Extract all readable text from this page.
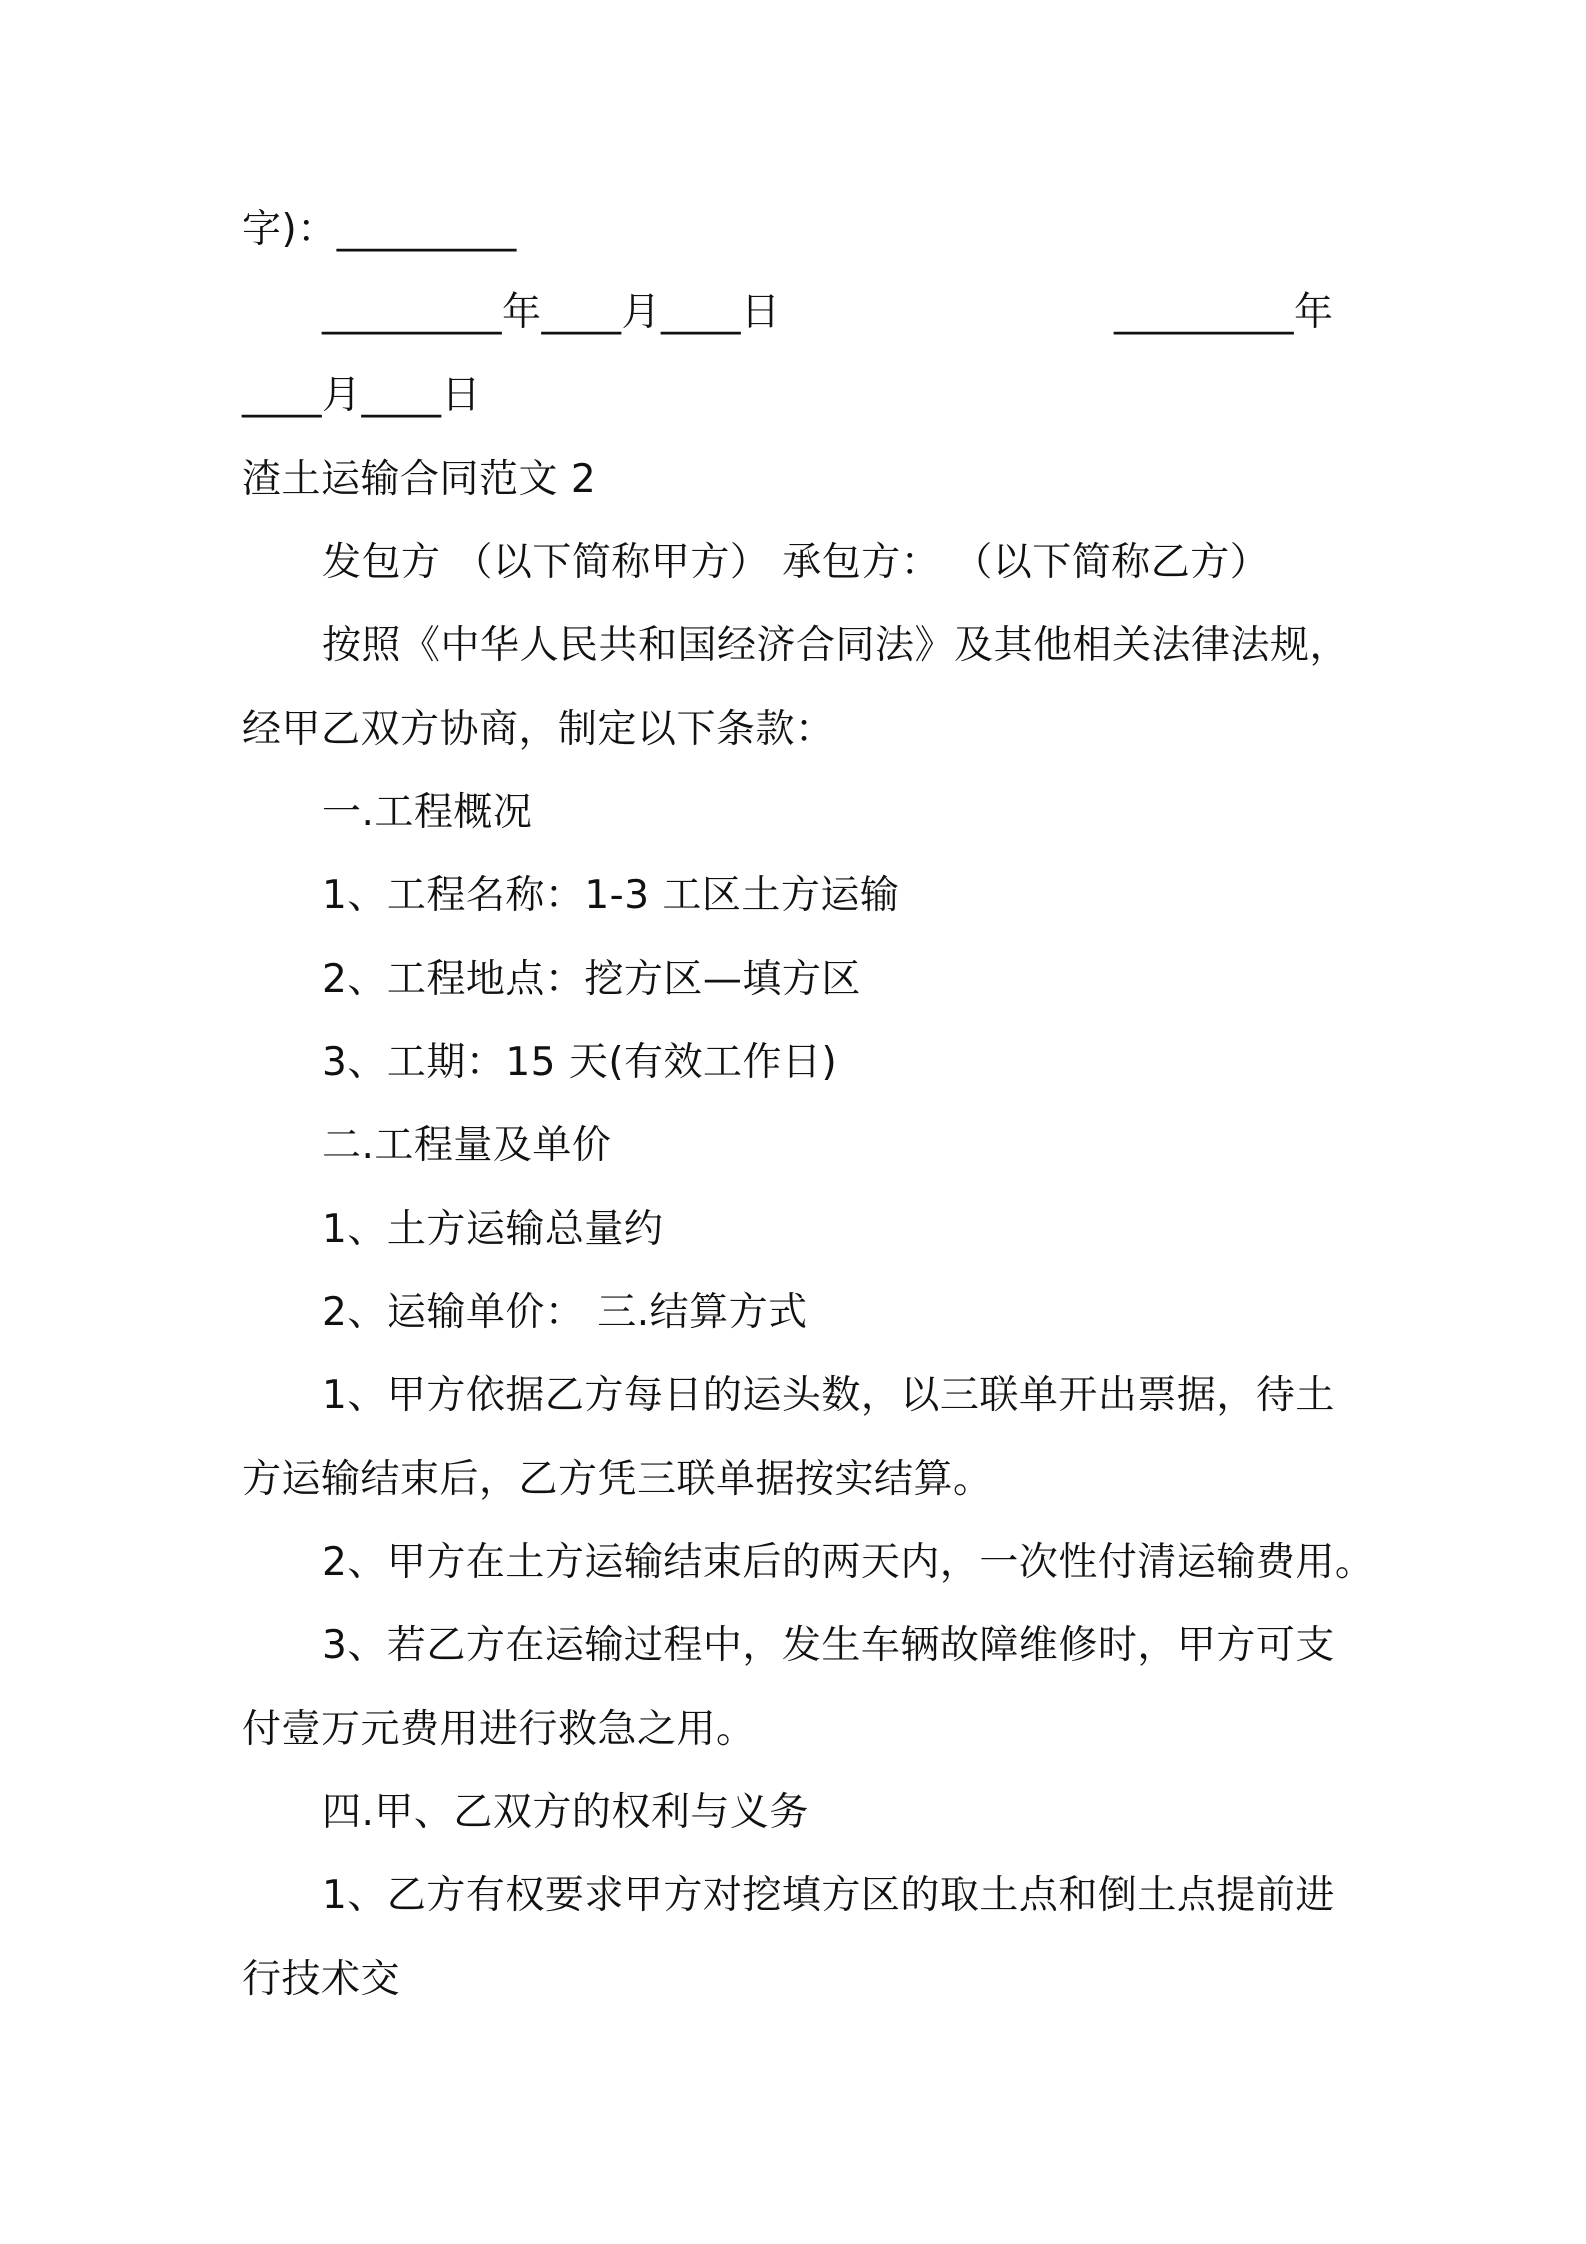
字)：_________
_________年____月____日	_________年
____月____日
渣土运输合同范文 2
发包方 （以下简称甲方） 承包方： （以下简称乙方）
按照《中华人民共和国经济合同法》及其他相关法律法规，
经甲乙双方协商，制定以下条款：
一.工程概况
1、工程名称：1-3 工区土方运输
2、工程地点：挖方区—填方区
3、工期：15 天(有效工作日)
二.工程量及单价
1、土方运输总量约
2、运输单价： 三.结算方式
1、甲方依据乙方每日的运头数，以三联单开出票据，待土
方运输结束后，乙方凭三联单据按实结算。
2、甲方在土方运输结束后的两天内，一次性付清运输费用。
3、若乙方在运输过程中，发生车辆故障维修时，甲方可支
付壹万元费用进行救急之用。
四.甲、乙双方的权利与义务
1、乙方有权要求甲方对挖填方区的取土点和倒土点提前进
行技术交
